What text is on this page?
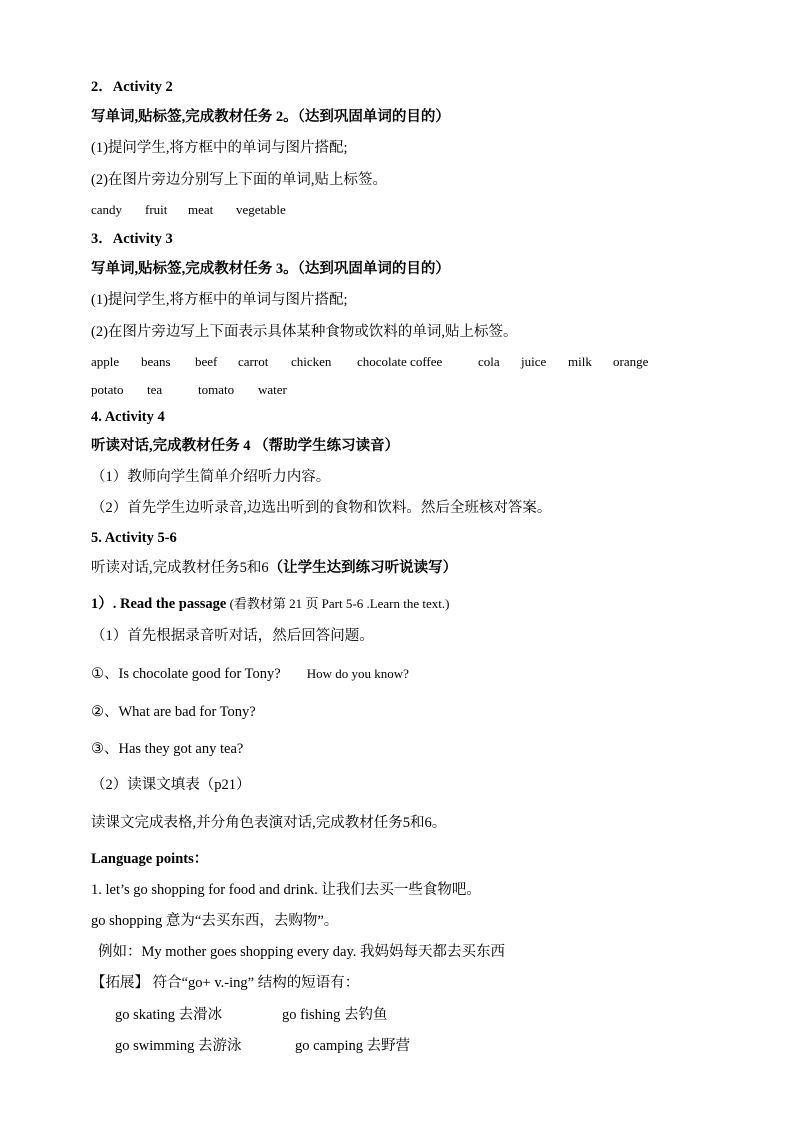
2．Activity 2
写单词,贴标签,完成教材任务 2。（达到巩固单词的目的）
(1)提问学生,将方框中的单词与图片搭配;
(2)在图片旁边分别写上下面的单词,贴上标签。
candy fruit meat vegetable
3．Activity 3
写单词,贴标签,完成教材任务 3。（达到巩固单词的目的）
(1)提问学生,将方框中的单词与图片搭配;
(2)在图片旁边写上下面表示具体某种食物或饮料的单词,贴上标签。
apple beans beef carrot chicken chocolate coffee	cola juice milk orange
potato tea	tomato water
4. Activity 4
听读对话,完成教材任务 4 （帮助学生练习读音）
（1）教师向学生简单介绍听力内容。
（2）首先学生边听录音,边选出听到的食物和饮料。然后全班核对答案。
5. Activity 5-6
听读对话,完成教材任务5和6（让学生达到练习听说读写）
1）. Read the passage (看教材第 21 页 Part 5-6 .Learn the text.)
（1）首先根据录音听对话，然后回答问题。
①、Is chocolate good for Tony? How do you know?
②、What are bad for Tony?
③、Has they got any tea?
（2）读课文填表（p21）
读课文完成表格,并分角色表演对话,完成教材任务5和6。
Language points：
1. let’s go shopping for food and drink. 让我们去买一些食物吧。
go shopping 意为“去买东西，去购物”。
例如：My mother goes shopping every day. 我妈妈每天都去买东西
【拓展】 符合“go+ v.-ing” 结构的短语有：
go skating 去滑冰	go fishing 去钓鱼
go swimming 去游泳	go camping 去野营
